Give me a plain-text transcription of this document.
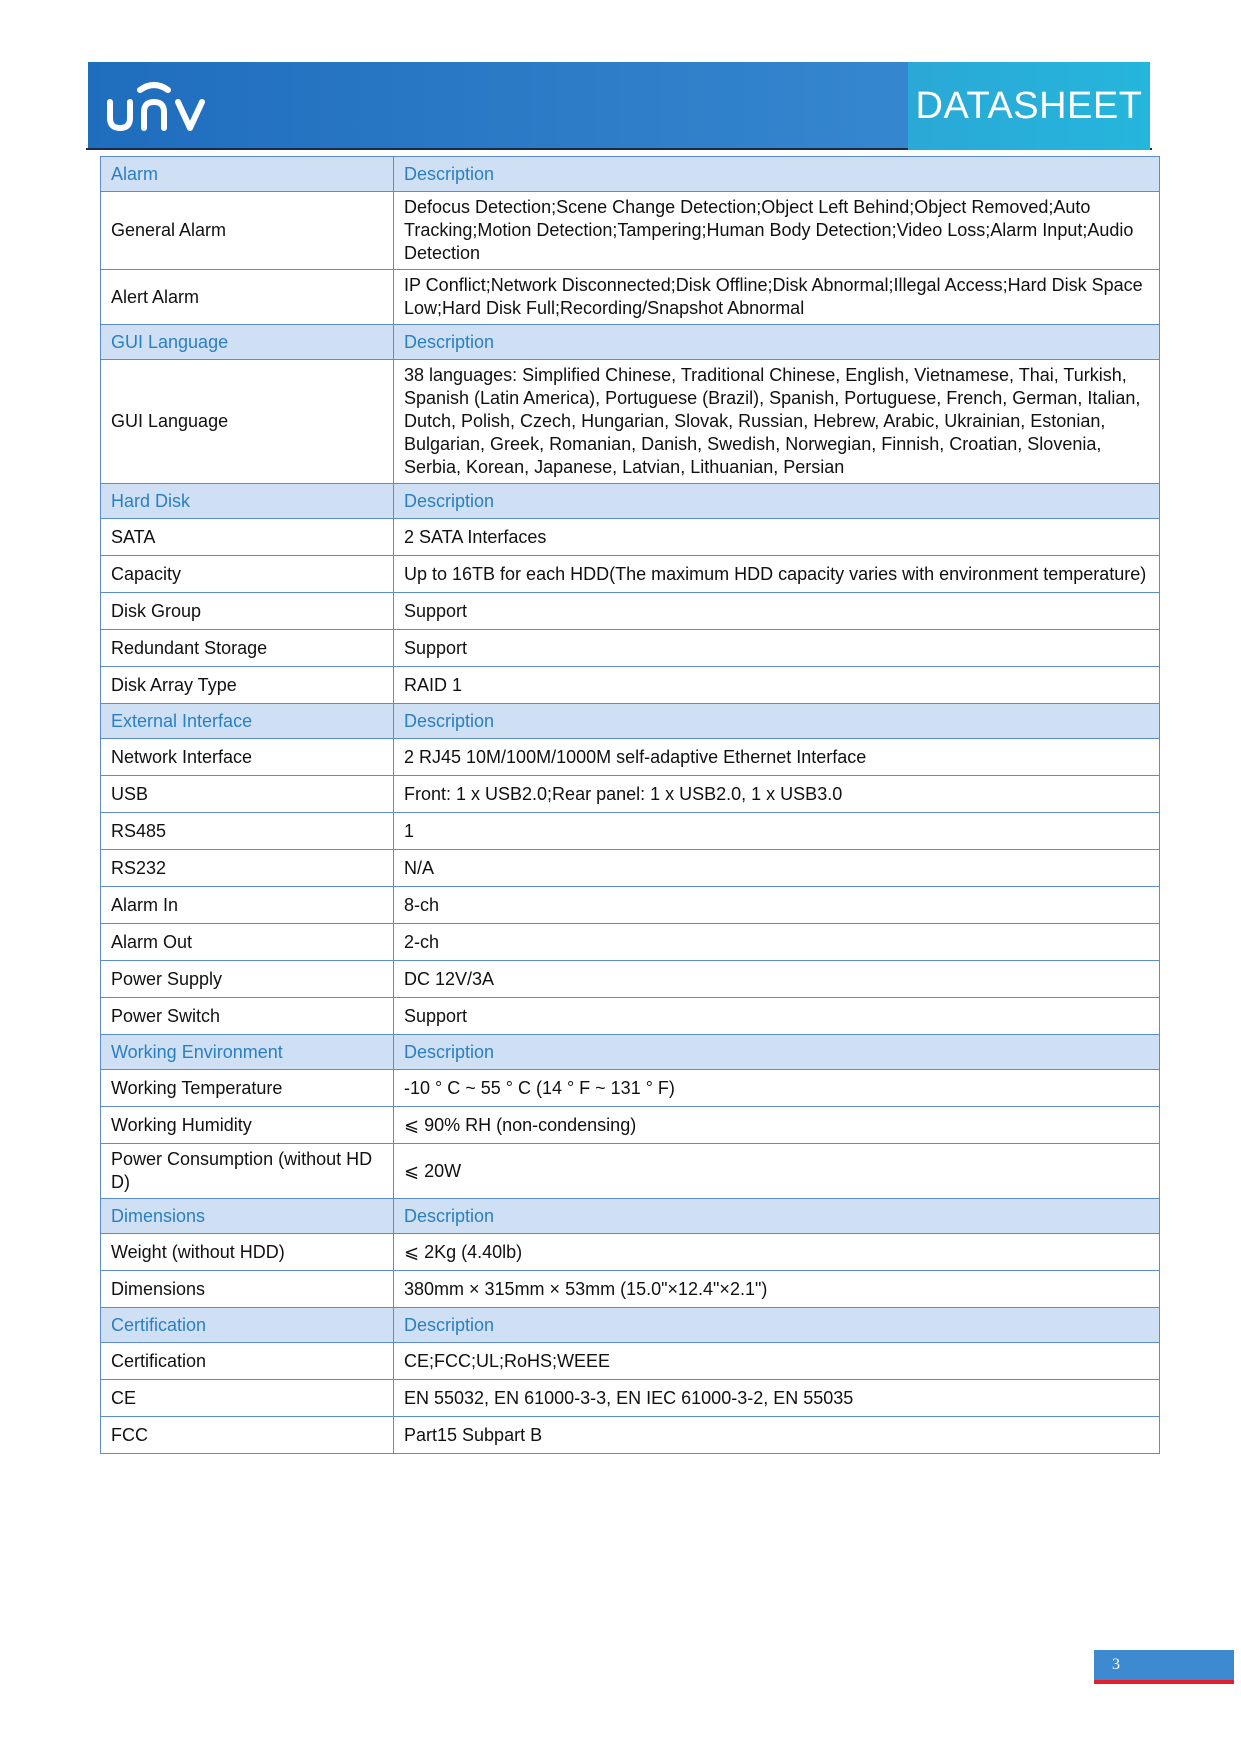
DATASHEET
Alarm	Description
General Alarm	Defocus Detection;Scene Change Detection;Object Left Behind;Object Removed;Auto Tracking;Motion Detection;Tampering;Human Body Detection;Video Loss;Alarm Input;Audio Detection
Alert Alarm	IP Conflict;Network Disconnected;Disk Offline;Disk Abnormal;Illegal Access;Hard Disk Space Low;Hard Disk Full;Recording/Snapshot Abnormal
GUI Language	Description
GUI Language	38 languages: Simplified Chinese, Traditional Chinese, English, Vietnamese, Thai, Turkish, Spanish (Latin America), Portuguese (Brazil), Spanish, Portuguese, French, German, Italian, Dutch, Polish, Czech, Hungarian, Slovak, Russian, Hebrew, Arabic, Ukrainian, Estonian, Bulgarian, Greek, Romanian, Danish, Swedish, Norwegian, Finnish, Croatian, Slovenia, Serbia, Korean, Japanese, Latvian, Lithuanian, Persian
Hard Disk	Description
SATA	2 SATA Interfaces
Capacity	Up to 16TB for each HDD(The maximum HDD capacity varies with environment temperature)
Disk Group	Support
Redundant Storage	Support
Disk Array Type	RAID 1
External Interface	Description
Network Interface	2 RJ45 10M/100M/1000M self-adaptive Ethernet Interface
USB	Front: 1 x USB2.0;Rear panel: 1 x USB2.0, 1 x USB3.0
RS485	1
RS232	N/A
Alarm In	8-ch
Alarm Out	2-ch
Power Supply	DC 12V/3A
Power Switch	Support
Working Environment	Description
Working Temperature	-10 ° C ~ 55 ° C (14 ° F ~ 131 ° F)
Working Humidity	⩽ 90% RH (non-condensing)
Power Consumption (without HD D)	⩽ 20W
Dimensions	Description
Weight (without HDD)	⩽ 2Kg (4.40lb)
Dimensions	380mm × 315mm × 53mm (15.0"×12.4"×2.1")
Certification	Description
Certification	CE;FCC;UL;RoHS;WEEE
CE	EN 55032, EN 61000-3-3, EN IEC 61000-3-2, EN 55035
FCC	Part15 Subpart B
3
